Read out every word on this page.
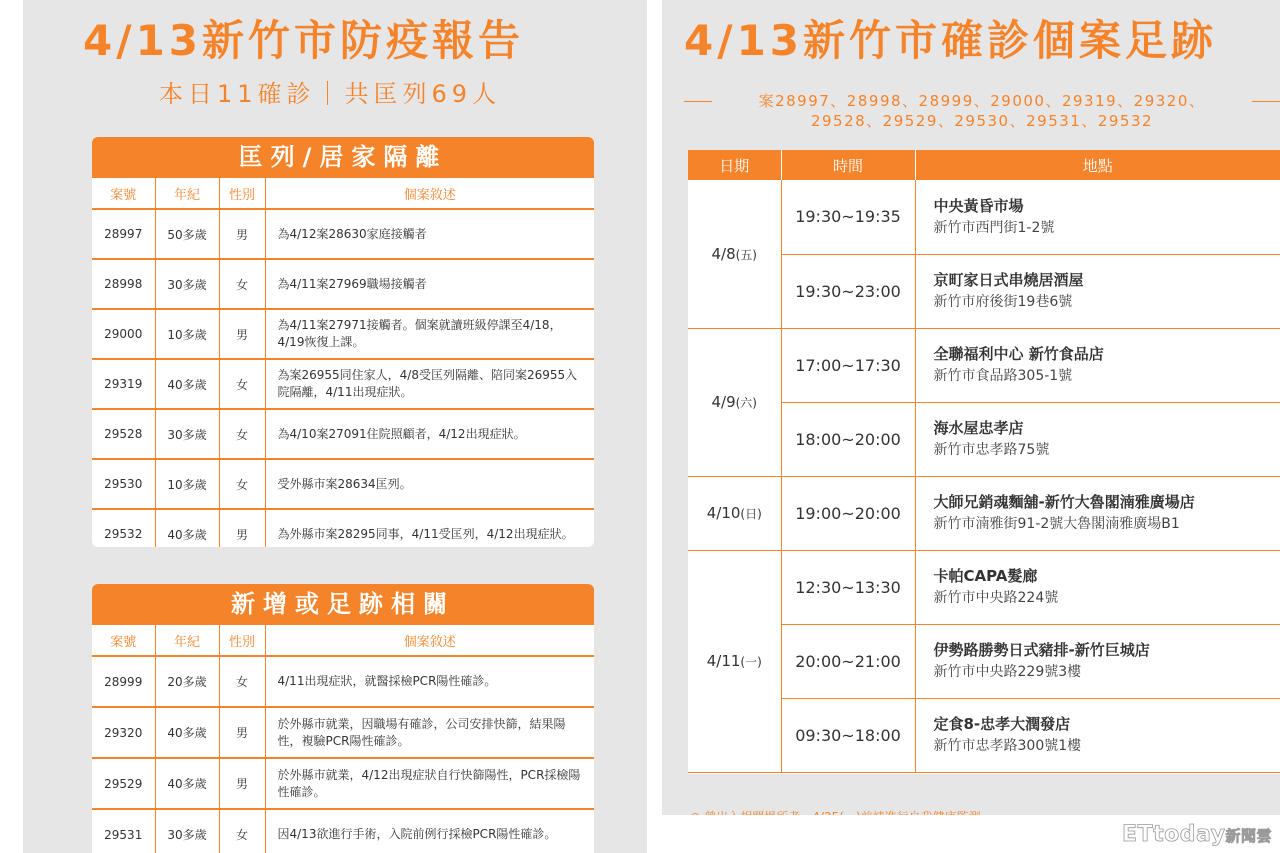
4/13新竹市防疫報告
本日11確診｜共匡列69人
匡列/居家隔離
案號	年紀	性別	個案敘述
28997	50多歲	男	為4/12案28630家庭接觸者
28998	30多歲	女	為4/11案27969職場接觸者
29000	10多歲	男	為4/11案27971接觸者。個案就讀班級停課至4/18，4/19恢復上課。
29319	40多歲	女	為案26955同住家人，4/8受匡列隔離、陪同案26955入院隔離，4/11出現症狀。
29528	30多歲	女	為4/10案27091住院照顧者，4/12出現症狀。
29530	10多歲	女	受外縣市案28634匡列。
29532	40多歲	男	為外縣市案28295同事，4/11受匡列，4/12出現症狀。
新增或足跡相關
案號	年紀	性別	個案敘述
28999	20多歲	女	4/11出現症狀，就醫採檢PCR陽性確診。
29320	40多歲	男	於外縣市就業，因職場有確診，公司安排快篩，結果陽性，複驗PCR陽性確診。
29529	40多歲	男	於外縣市就業，4/12出現症狀自行快篩陽性，PCR採檢陽性確診。
29531	30多歲	女	因4/13欲進行手術，入院前例行採檢PCR陽性確診。
4/13新竹市確診個案足跡
案28997、28998、28999、29000、29319、29320、
29528、29529、29530、29531、29532
日期	時間	地點
4/8(五)	19:30~19:35	中央黃昏市場
新竹市西門街1-2號

	19:30~23:00	京町家日式串燒居酒屋
新竹市府後街19巷6號

4/9(六)	17:00~17:30	全聯福利中心 新竹食品店
新竹市食品路305-1號

	18:00~20:00	海水屋忠孝店
新竹市忠孝路75號

4/10(日)	19:00~20:00	大師兄銷魂麵舖-新竹大魯閣湳雅廣場店
新竹市湳雅街91-2號大魯閣湳雅廣場B1

4/11(一)	12:30~13:30	卡帕CAPA髮廊
新竹市中央路224號

	20:00~21:00	伊勢路勝勢日式豬排-新竹巨城店
新竹市中央路229號3樓

	09:30~18:00	定食8-忠孝大潤發店
新竹市忠孝路300號1樓
ETtoday新聞雲
